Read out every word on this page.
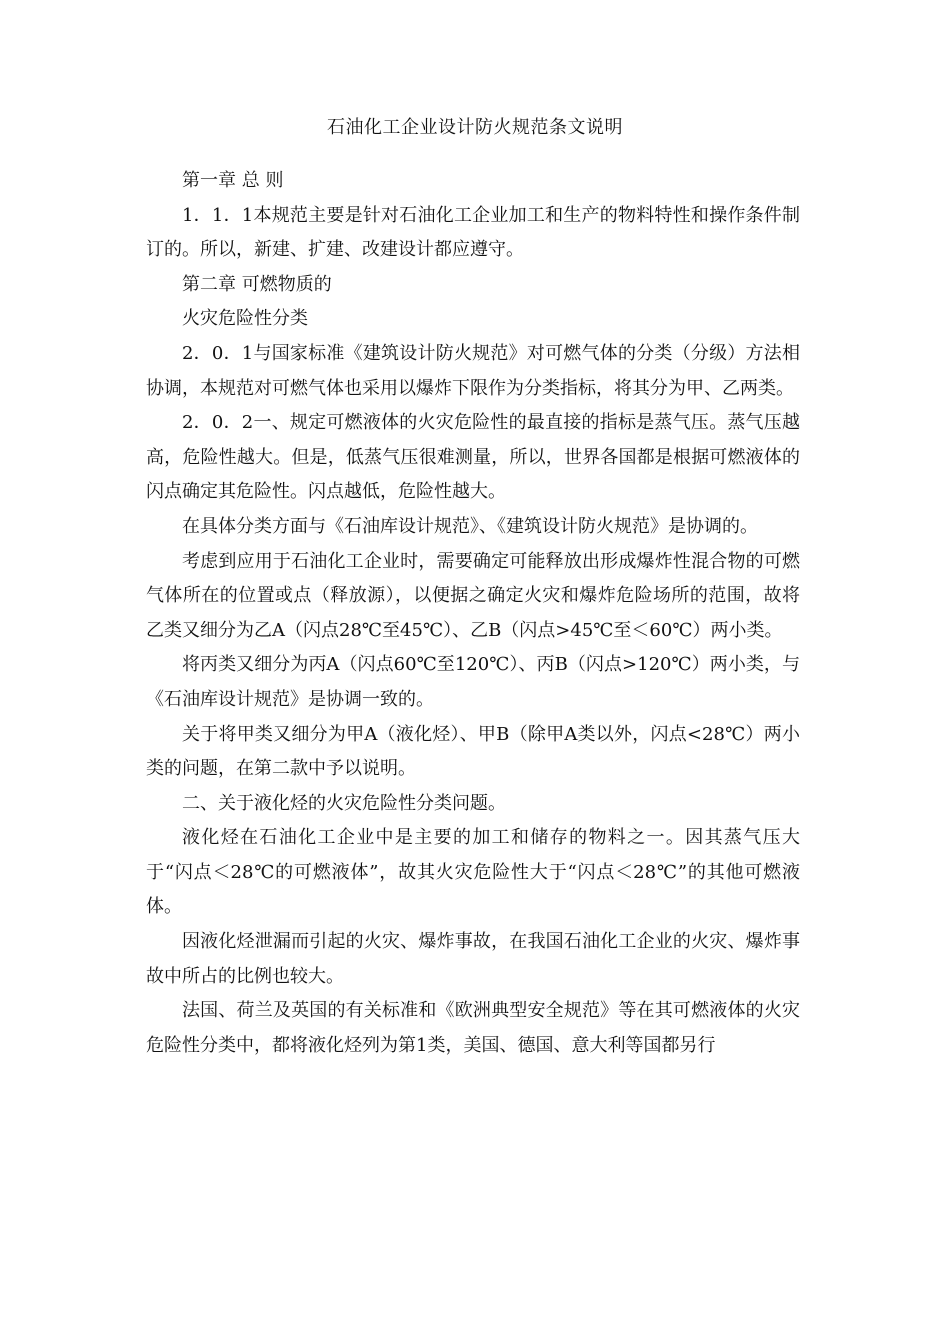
石油化工企业设计防火规范条文说明

第一章 总 则

1．1．1本规范主要是针对石油化工企业加工和生产的物料特性和操作条件制订的。所以，新建、扩建、改建设计都应遵守。

第二章 可燃物质的

火灾危险性分类

2．0．1与国家标准《建筑设计防火规范》对可燃气体的分类（分级）方法相协调，本规范对可燃气体也采用以爆炸下限作为分类指标，将其分为甲、乙两类。

2．0．2一、规定可燃液体的火灾危险性的最直接的指标是蒸气压。蒸气压越高，危险性越大。但是，低蒸气压很难测量，所以，世界各国都是根据可燃液体的闪点确定其危险性。闪点越低，危险性越大。

在具体分类方面与《石油库设计规范》、《建筑设计防火规范》是协调的。

考虑到应用于石油化工企业时，需要确定可能释放出形成爆炸性混合物的可燃气体所在的位置或点（释放源），以便据之确定火灾和爆炸危险场所的范围，故将乙类又细分为乙A（闪点28℃至45℃）、乙B（闪点>45℃至＜60℃）两小类。

将丙类又细分为丙A（闪点60℃至120℃）、丙B（闪点>120℃）两小类，与《石油库设计规范》是协调一致的。

关于将甲类又细分为甲A（液化烃）、甲B（除甲A类以外，闪点<28℃）两小类的问题，在第二款中予以说明。

二、关于液化烃的火灾危险性分类问题。

液化烃在石油化工企业中是主要的加工和储存的物料之一。因其蒸气压大于“闪点＜28℃的可燃液体”，故其火灾危险性大于“闪点＜28℃”的其他可燃液体。

因液化烃泄漏而引起的火灾、爆炸事故，在我国石油化工企业的火灾、爆炸事故中所占的比例也较大。

法国、荷兰及英国的有关标准和《欧洲典型安全规范》等在其可燃液体的火灾危险性分类中，都将液化烃列为第1类，美国、德国、意大利等国都另行
